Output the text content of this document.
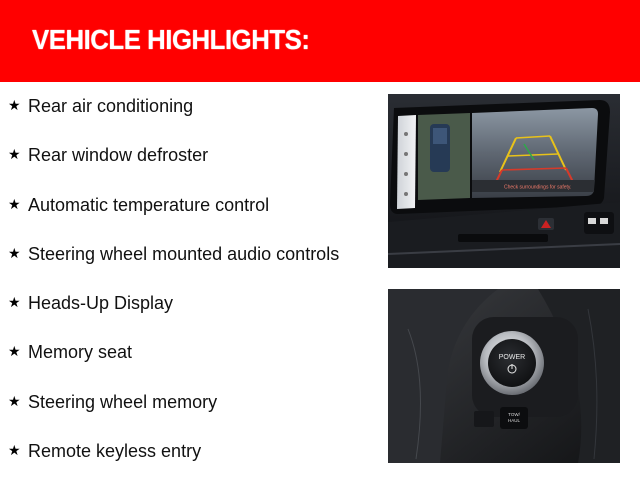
VEHICLE HIGHLIGHTS:
★ Rear air conditioning
★ Rear window defroster
★ Automatic temperature control
★ Steering wheel mounted audio controls
★ Heads-Up Display
★ Memory seat
★ Steering wheel memory
★ Remote keyless entry
Check surroundings for safety.
POWER
TOW/
HAUL
